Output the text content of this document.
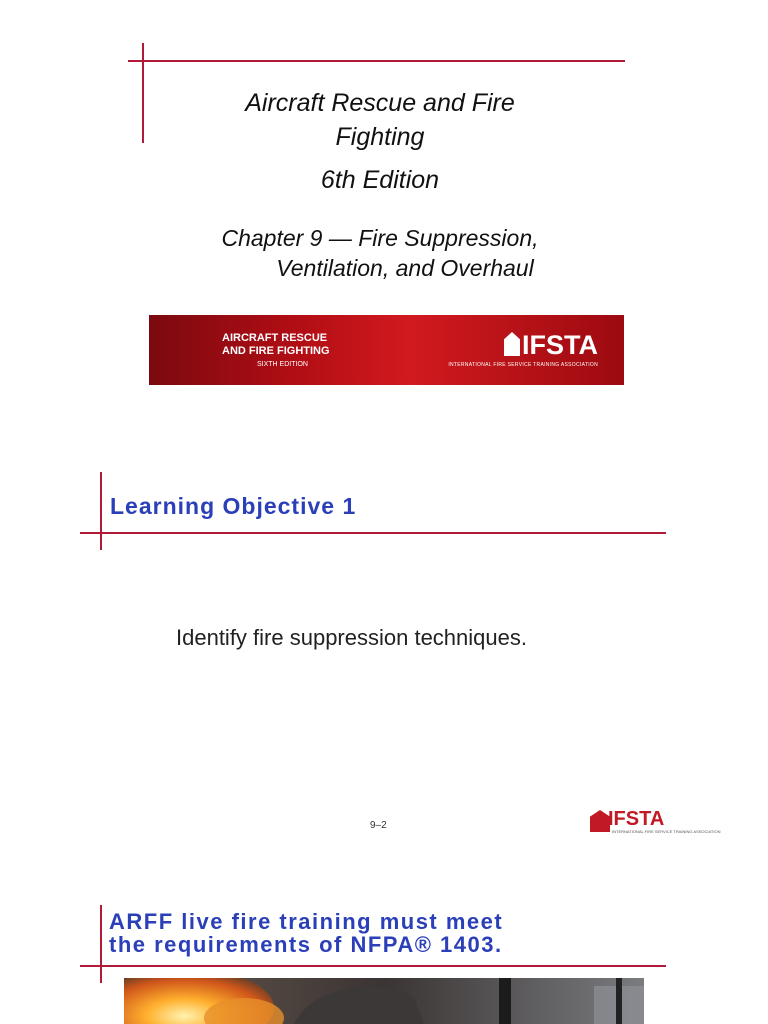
Aircraft Rescue and Fire
Fighting
6th Edition
Chapter 9 — Fire Suppression,
Ventilation, and Overhaul
AIRCRAFT RESCUE
AND FIRE FIGHTING
SIXTH EDITION
IFSTA
INTERNATIONAL FIRE SERVICE TRAINING ASSOCIATION
Learning Objective 1
Identify fire suppression techniques.
9–2	IFSTA
INTERNATIONAL FIRE SERVICE TRAINING ASSOCIATION
ARFF live fire training must meet
the requirements of NFPA® 1403.
